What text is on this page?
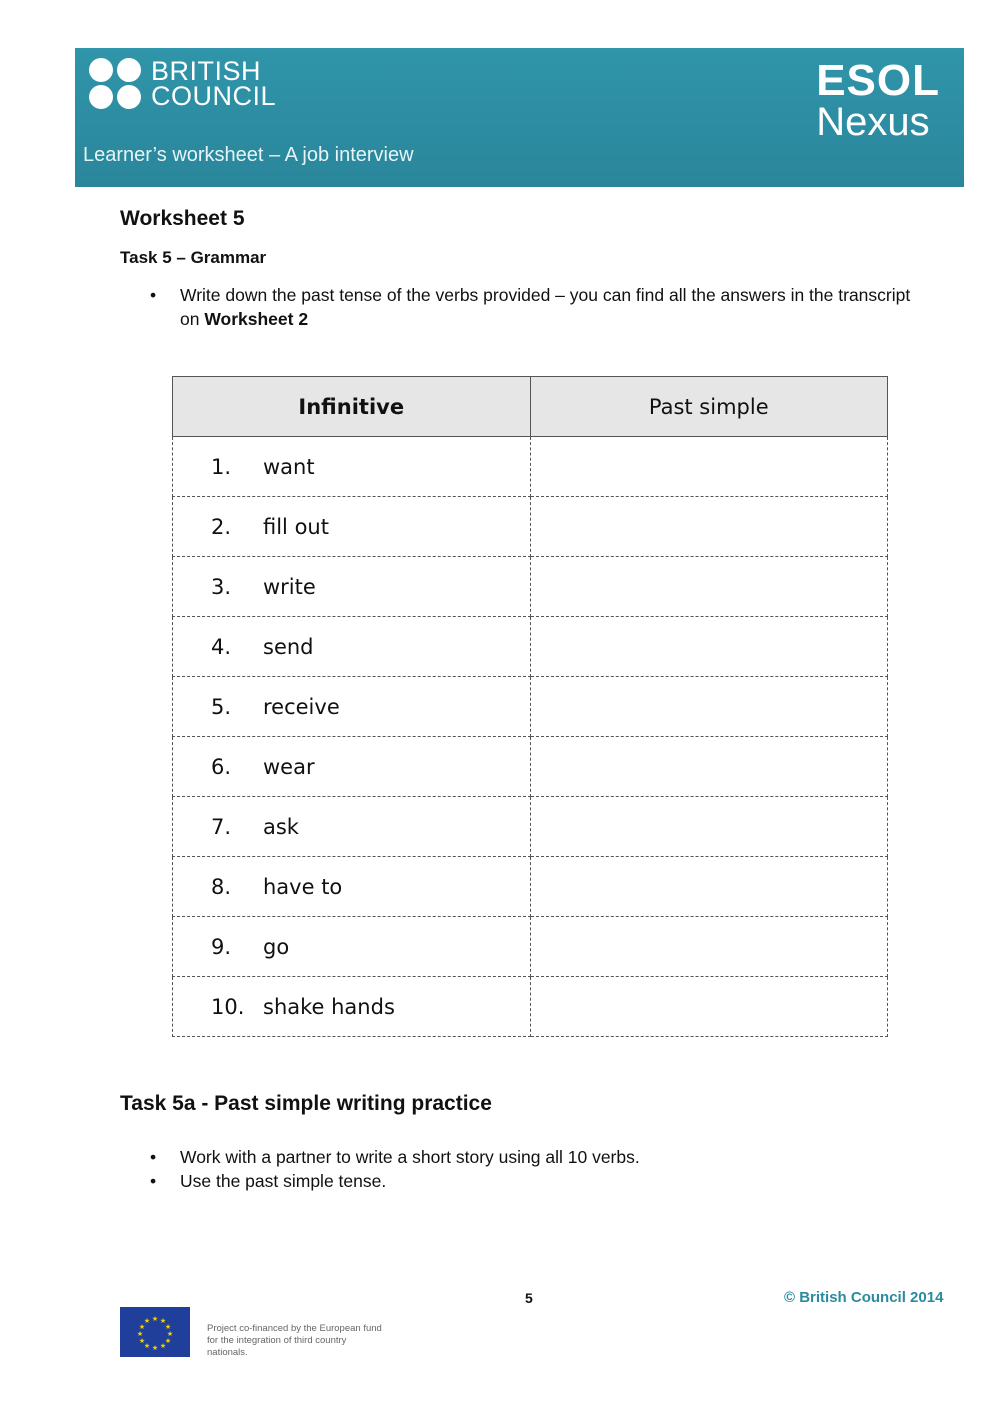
BRITISH
COUNCIL
Learner’s worksheet – A job interview
ESOL
Nexus
Worksheet 5
Task 5 – Grammar
• Write down the past tense of the verbs provided – you can find all the answers in the transcript on Worksheet 2
Infinitive	Past simple
1. want	
2. fill out	
3. write	
4. send	
5. receive	
6. wear	
7. ask	
8. have to	
9. go	
10. shake hands	
Task 5a - Past simple writing practice
• Work with a partner to write a short story using all 10 verbs.
• Use the past simple tense.
5	© British Council 2014
★ ★
★
★
★
★
★
★
★
★
★
★
Project co-financed by the European fund for the integration of third country nationals.
